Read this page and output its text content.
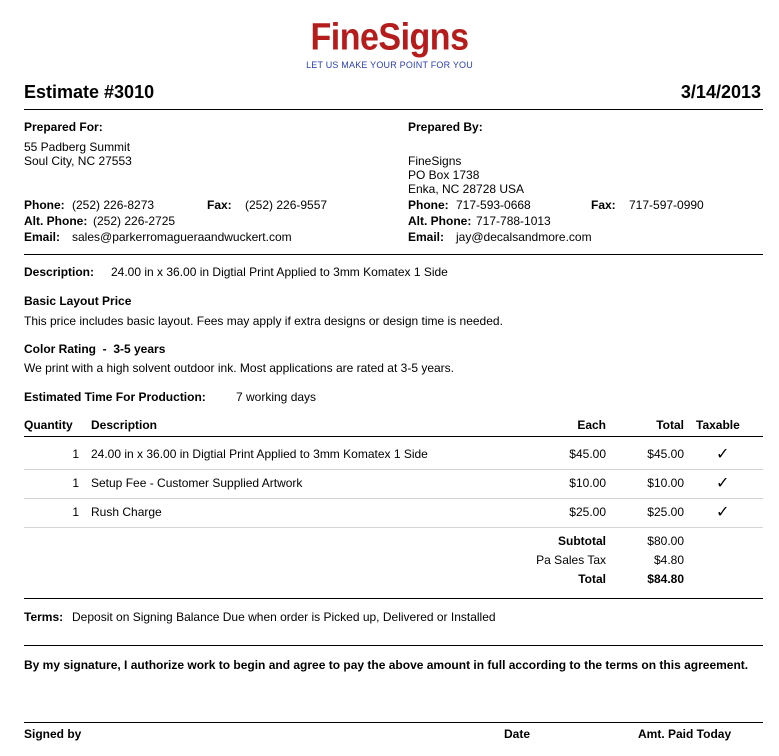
FineSigns
LET US MAKE YOUR POINT FOR YOU
Estimate #3010	3/14/2013
Prepared For:
55 Padberg Summit
Soul City, NC 27553
Phone: (252) 226-8273	Fax: (252) 226-9557
Alt. Phone: (252) 226-2725
Email: sales@parkerromagueraandwuckert.com
Prepared By:
FineSigns
PO Box 1738
Enka, NC 28728 USA
Phone: 717-593-0668	Fax: 717-597-0990
Alt. Phone: 717-788-1013
Email: jay@decalsandmore.com
Description: 24.00 in x 36.00 in Digtial Print Applied to 3mm Komatex 1 Side
Basic Layout Price
This price includes basic layout. Fees may apply if extra designs or design time is needed.
Color Rating  -  3-5 years
We print with a high solvent outdoor ink. Most applications are rated at 3-5 years.
Estimated Time For Production:	7 working days
Quantity Description	Each	Total Taxable
1 24.00 in x 36.00 in Digtial Print Applied to 3mm Komatex 1 Side	$45.00	$45.00 ✓
1 Setup Fee - Customer Supplied Artwork	$10.00	$10.00 ✓
1 Rush Charge	$25.00	$25.00 ✓
Subtotal	$80.00
Pa Sales Tax	$4.80
Total	$84.80
Terms: Deposit on Signing Balance Due when order is Picked up, Delivered or Installed
By my signature, I authorize work to begin and agree to pay the above amount in full according to the terms on this agreement.
Signed by	Date	Amt. Paid Today
